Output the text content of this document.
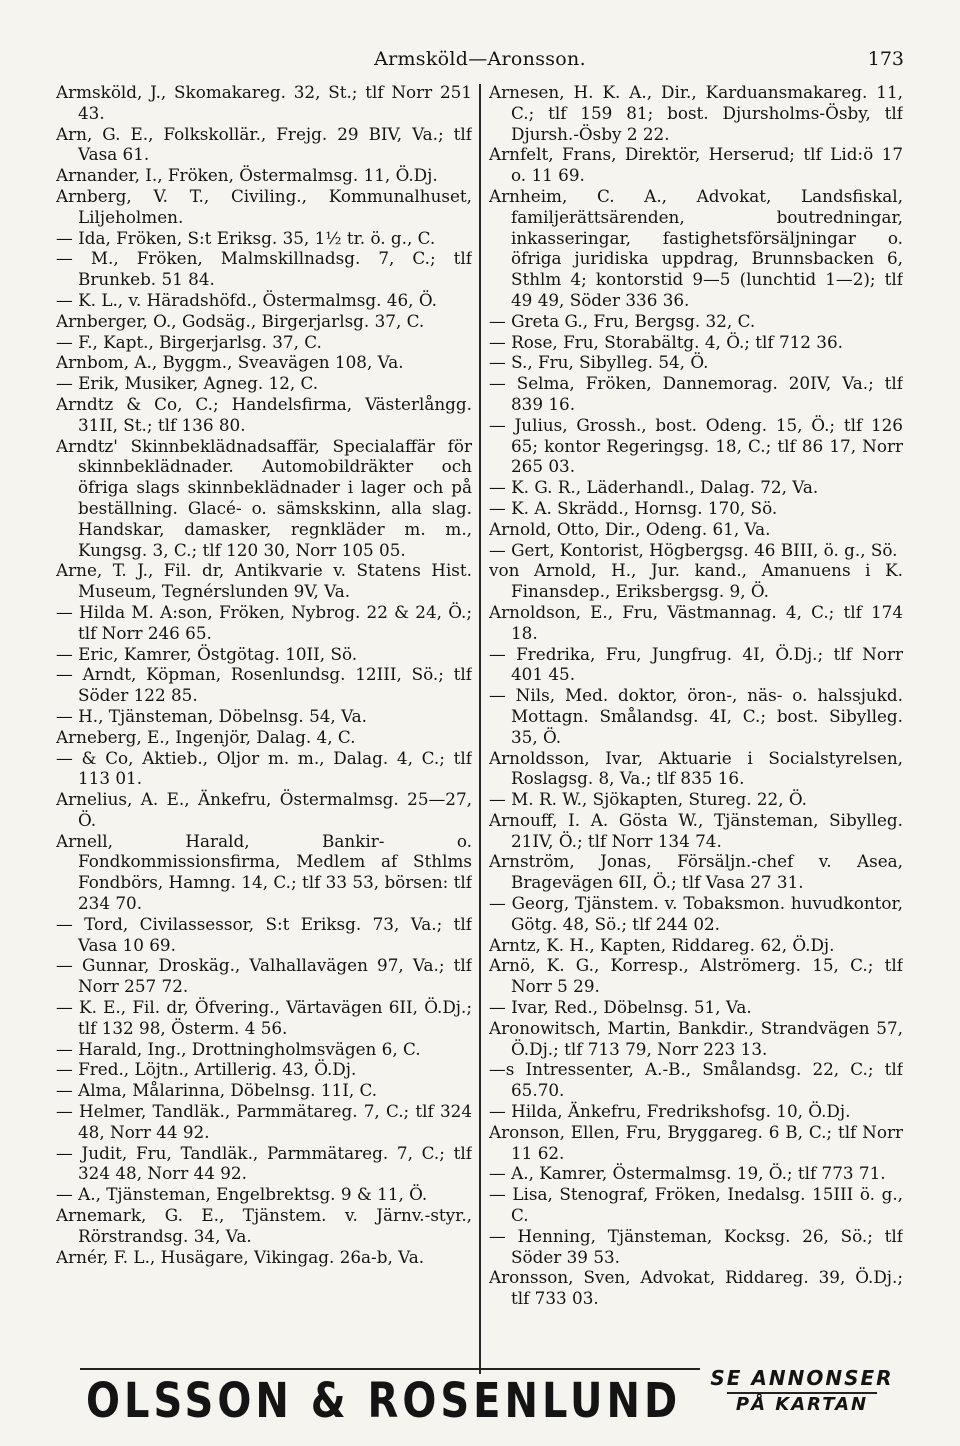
Armsköld—Aronsson.	173
Armsköld, J., Skomakareg. 32, St.; tlf Norr 251 43.
Arn, G. E., Folkskollär., Frejg. 29 BIV, Va.; tlf Vasa 61.
Arnander, I., Fröken, Östermalmsg. 11, Ö.Dj.
Arnberg, V. T., Civiling., Kommunalhuset, Liljeholmen.
— Ida, Fröken, S:t Eriksg. 35, 1½ tr. ö. g., C.
— M., Fröken, Malmskillnadsg. 7, C.; tlf Brunkeb. 51 84.
— K. L., v. Häradshöfd., Östermalmsg. 46, Ö.
Arnberger, O., Godsäg., Birgerjarlsg. 37, C.
— F., Kapt., Birgerjarlsg. 37, C.
Arnbom, A., Byggm., Sveavägen 108, Va.
— Erik, Musiker, Agneg. 12, C.
Arndtz & Co, C.; Handelsfirma, Västerlångg. 31II, St.; tlf 136 80.
Arndtz' Skinnbeklädnadsaffär, Specialaffär för skinnbeklädnader. Automobildräkter och öfriga slags skinnbeklädnader i lager och på beställning. Glacé- o. sämskskinn, alla slag. Handskar, damasker, regnkläder m. m., Kungsg. 3, C.; tlf 120 30, Norr 105 05.
Arne, T. J., Fil. dr, Antikvarie v. Statens Hist. Museum, Tegnérslunden 9V, Va.
— Hilda M. A:son, Fröken, Nybrog. 22 & 24, Ö.; tlf Norr 246 65.
— Eric, Kamrer, Östgötag. 10II, Sö.
— Arndt, Köpman, Rosenlundsg. 12III, Sö.; tlf Söder 122 85.
— H., Tjänsteman, Döbelnsg. 54, Va.
Arneberg, E., Ingenjör, Dalag. 4, C.
— & Co, Aktieb., Oljor m. m., Dalag. 4, C.; tlf 113 01.
Arnelius, A. E., Änkefru, Östermalmsg. 25—27, Ö.
Arnell, Harald, Bankir- o. Fondkommissionsfirma, Medlem af Sthlms Fondbörs, Hamng. 14, C.; tlf 33 53, börsen: tlf 234 70.
— Tord, Civilassessor, S:t Eriksg. 73, Va.; tlf Vasa 10 69.
— Gunnar, Droskäg., Valhallavägen 97, Va.; tlf Norr 257 72.
— K. E., Fil. dr, Öfvering., Värtavägen 6II, Ö.Dj.; tlf 132 98, Österm. 4 56.
— Harald, Ing., Drottningholmsvägen 6, C.
— Fred., Löjtn., Artillerig. 43, Ö.Dj.
— Alma, Målarinna, Döbelnsg. 11I, C.
— Helmer, Tandläk., Parmmätareg. 7, C.; tlf 324 48, Norr 44 92.
— Judit, Fru, Tandläk., Parmmätareg. 7, C.; tlf 324 48, Norr 44 92.
— A., Tjänsteman, Engelbrektsg. 9 & 11, Ö.
Arnemark, G. E., Tjänstem. v. Järnv.-styr., Rörstrandsg. 34, Va.
Arnér, F. L., Husägare, Vikingag. 26a-b, Va.
Arnesen, H. K. A., Dir., Karduansmakareg. 11, C.; tlf 159 81; bost. Djursholms-Ösby, tlf Djursh.-Ösby 2 22.
Arnfelt, Frans, Direktör, Herserud; tlf Lid:ö 17 o. 11 69.
Arnheim, C. A., Advokat, Landsfiskal, familjerättsärenden, boutredningar, inkasseringar, fastighetsförsäljningar o. öfriga juridiska uppdrag, Brunnsbacken 6, Sthlm 4; kontorstid 9—5 (lunchtid 1—2); tlf 49 49, Söder 336 36.
— Greta G., Fru, Bergsg. 32, C.
— Rose, Fru, Storabältg. 4, Ö.; tlf 712 36.
— S., Fru, Sibylleg. 54, Ö.
— Selma, Fröken, Dannemorag. 20IV, Va.; tlf 839 16.
— Julius, Grossh., bost. Odeng. 15, Ö.; tlf 126 65; kontor Regeringsg. 18, C.; tlf 86 17, Norr 265 03.
— K. G. R., Läderhandl., Dalag. 72, Va.
— K. A. Skrädd., Hornsg. 170, Sö.
Arnold, Otto, Dir., Odeng. 61, Va.
— Gert, Kontorist, Högbergsg. 46 BIII, ö. g., Sö.
von Arnold, H., Jur. kand., Amanuens i K. Finansdep., Eriksbergsg. 9, Ö.
Arnoldson, E., Fru, Västmannag. 4, C.; tlf 174 18.
— Fredrika, Fru, Jungfrug. 4I, Ö.Dj.; tlf Norr 401 45.
— Nils, Med. doktor, öron-, näs- o. halssjukd. Mottagn. Smålandsg. 4I, C.; bost. Sibylleg. 35, Ö.
Arnoldsson, Ivar, Aktuarie i Socialstyrelsen, Roslagsg. 8, Va.; tlf 835 16.
— M. R. W., Sjökapten, Stureg. 22, Ö.
Arnouff, I. A. Gösta W., Tjänsteman, Sibylleg. 21IV, Ö.; tlf Norr 134 74.
Arnström, Jonas, Försäljn.-chef v. Asea, Bragevägen 6II, Ö.; tlf Vasa 27 31.
— Georg, Tjänstem. v. Tobaksmon. huvudkontor, Götg. 48, Sö.; tlf 244 02.
Arntz, K. H., Kapten, Riddareg. 62, Ö.Dj.
Arnö, K. G., Korresp., Alströmerg. 15, C.; tlf Norr 5 29.
— Ivar, Red., Döbelnsg. 51, Va.
Aronowitsch, Martin, Bankdir., Strandvägen 57, Ö.Dj.; tlf 713 79, Norr 223 13.
—s Intressenter, A.-B., Smålandsg. 22, C.; tlf 65.70.
— Hilda, Änkefru, Fredrikshofsg. 10, Ö.Dj.
Aronson, Ellen, Fru, Bryggareg. 6 B, C.; tlf Norr 11 62.
— A., Kamrer, Östermalmsg. 19, Ö.; tlf 773 71.
— Lisa, Stenograf, Fröken, Inedalsg. 15III ö. g., C.
— Henning, Tjänsteman, Kocksg. 26, Sö.; tlf Söder 39 53.
Aronsson, Sven, Advokat, Riddareg. 39, Ö.Dj.; tlf 733 03.
OLSSON & ROSENLUND	SE ANNONSER
PÅ KARTAN
